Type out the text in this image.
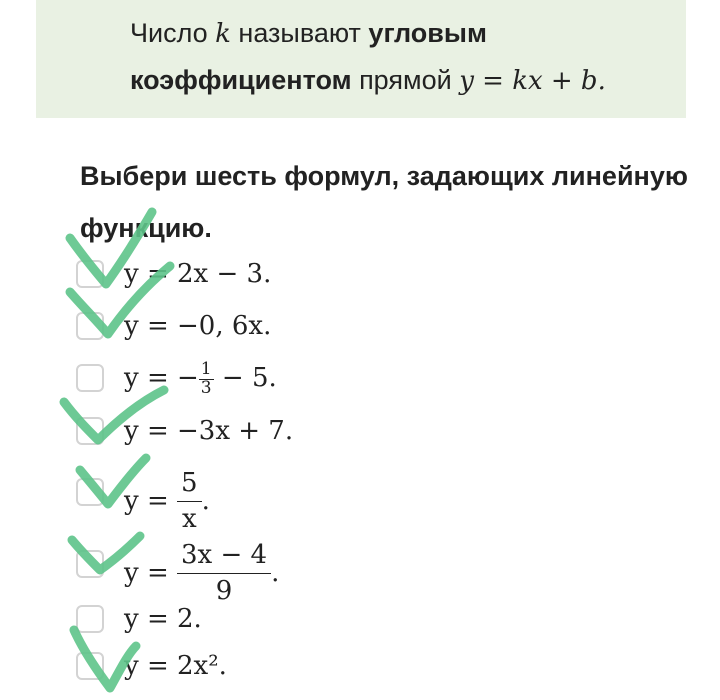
Число k называют угловым
коэффициентом прямой y = kx + b.
Выбери шесть формул, задающих линейную
функцию.
y = 2x − 3.
y = −0, 6x.
y = − $\frac{1}{3} - 5$.
y = −3x + 7.
$y = \frac{5}{x}$ .
$y = \frac{3x - 4}{9}$ .
y = 2.
y = 2x².
